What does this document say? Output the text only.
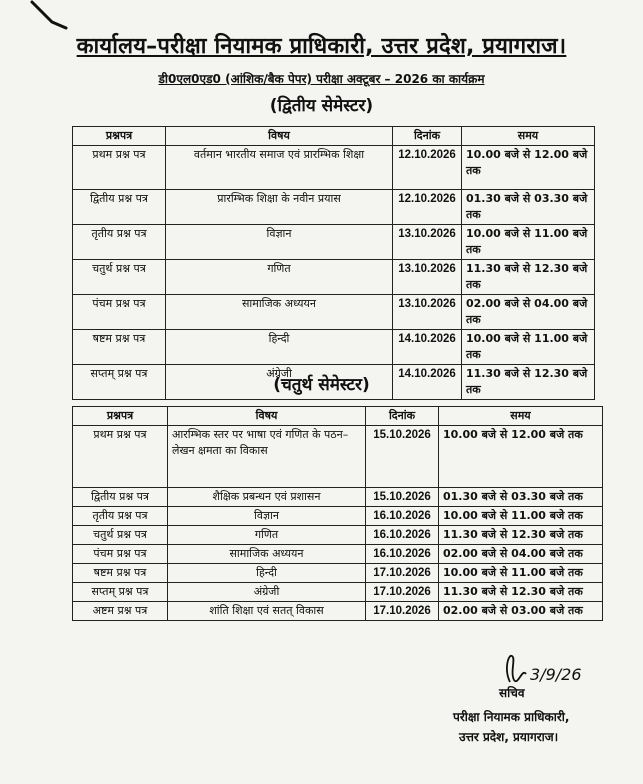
कार्यालय–परीक्षा नियामक प्राधिकारी, उत्तर प्रदेश, प्रयागराज।
डी0एल0एड0 (आंशिक/बैक पेपर) परीक्षा अक्टूबर – 2026 का कार्यक्रम
(द्वितीय सेमेस्टर)
प्रश्नपत्र	विषय	दिनांक	समय
प्रथम प्रश्न पत्र	वर्तमान भारतीय समाज एवं प्रारम्भिक शिक्षा	12.10.2026	10.00 बजे से 12.00 बजे तक
द्वितीय प्रश्न पत्र	प्रारम्भिक शिक्षा के नवीन प्रयास	12.10.2026	01.30 बजे से 03.30 बजे तक
तृतीय प्रश्न पत्र	विज्ञान	13.10.2026	10.00 बजे से 11.00 बजे तक
चतुर्थ प्रश्न पत्र	गणित	13.10.2026	11.30 बजे से 12.30 बजे तक
पंचम प्रश्न पत्र	सामाजिक अध्ययन	13.10.2026	02.00 बजे से 04.00 बजे तक
षष्टम प्रश्न पत्र	हिन्दी	14.10.2026	10.00 बजे से 11.00 बजे तक
सप्तम् प्रश्न पत्र	अंग्रेजी	14.10.2026	11.30 बजे से 12.30 बजे तक
(चतुर्थ सेमेस्टर)
प्रश्नपत्र	विषय	दिनांक	समय
प्रथम प्रश्न पत्र	आरम्भिक स्तर पर भाषा एवं गणित के पठन–लेखन क्षमता का विकास	15.10.2026	10.00 बजे से 12.00 बजे तक
द्वितीय प्रश्न पत्र	शैक्षिक प्रबन्धन एवं प्रशासन	15.10.2026	01.30 बजे से 03.30 बजे तक
तृतीय प्रश्न पत्र	विज्ञान	16.10.2026	10.00 बजे से 11.00 बजे तक
चतुर्थ प्रश्न पत्र	गणित	16.10.2026	11.30 बजे से 12.30 बजे तक
पंचम प्रश्न पत्र	सामाजिक अध्ययन	16.10.2026	02.00 बजे से 04.00 बजे तक
षष्टम प्रश्न पत्र	हिन्दी	17.10.2026	10.00 बजे से 11.00 बजे तक
सप्तम् प्रश्न पत्र	अंग्रेजी	17.10.2026	11.30 बजे से 12.30 बजे तक
अष्टम प्रश्न पत्र	शांति शिक्षा एवं सतत् विकास	17.10.2026	02.00 बजे से 03.00 बजे तक
3/9/26
सचिव
परीक्षा नियामक प्राधिकारी,
उत्तर प्रदेश, प्रयागराज।
